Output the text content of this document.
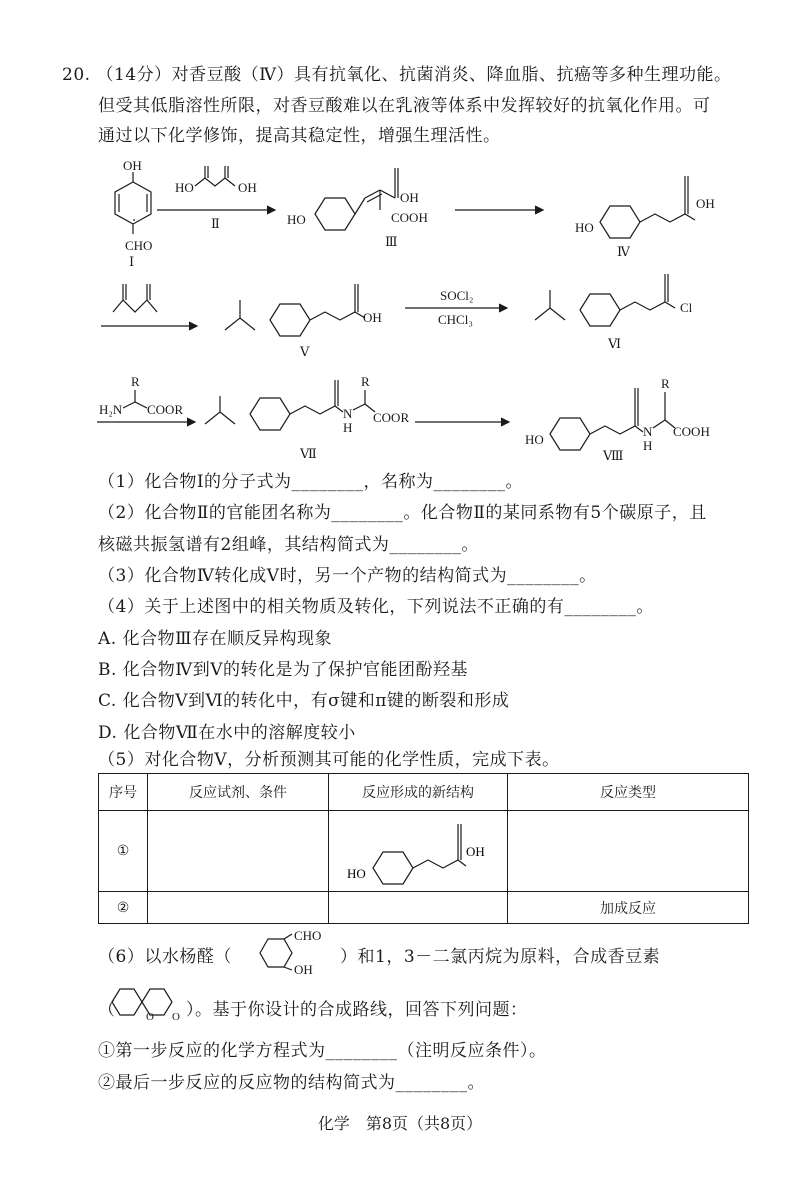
20. （14分）对香豆酸（Ⅳ）具有抗氧化、抗菌消炎、降血脂、抗癌等多种生理功能。
但受其低脂溶性所限，对香豆酸难以在乳液等体系中发挥较好的抗氧化作用。可
通过以下化学修饰，提高其稳定性，增强生理活性。
OH
CHO
Ⅰ
HO	OH
Ⅱ	HO
OH
COOH
Ⅲ
HO
OH
Ⅳ
OH
Ⅴ
SOCl₂
CHCl₃
Cl
Ⅵ
R
H₂N COOR	N
H
R
COOR
Ⅶ
HO
N
H
R
COOH
Ⅷ
（1）化合物Ⅰ的分子式为________，名称为________。
（2）化合物Ⅱ的官能团名称为________。化合物Ⅱ的某同系物有5个碳原子，且
核磁共振氢谱有2组峰，其结构简式为________。
（3）化合物Ⅳ转化成Ⅴ时，另一个产物的结构简式为________。
（4）关于上述图中的相关物质及转化，下列说法不正确的有________。
A. 化合物Ⅲ存在顺反异构现象
B. 化合物Ⅳ到Ⅴ的转化是为了保护官能团酚羟基
C. 化合物Ⅴ到Ⅵ的转化中，有σ键和π键的断裂和形成
D. 化合物Ⅶ在水中的溶解度较小
（5）对化合物Ⅴ，分析预测其可能的化学性质，完成下表。
序号	反应试剂、条件	反应形成的新结构	反应类型
①		HO
OH	

②			加成反应
（6）以水杨醛（
CHO
OH
）和1，3－二氯丙烷为原料，合成香豆素
（	O O ）。基于你设计的合成路线，回答下列问题：
①第一步反应的化学方程式为________（注明反应条件）。
②最后一步反应的反应物的结构简式为________。
化学　第8页（共8页）
